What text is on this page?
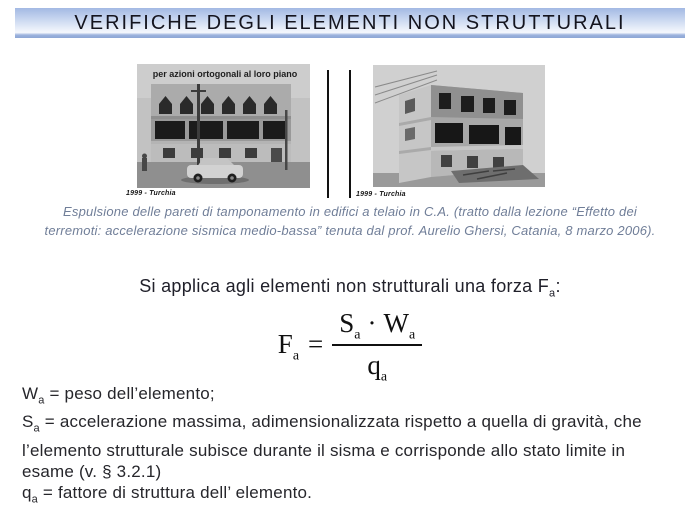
VERIFICHE DEGLI ELEMENTI NON STRUTTURALI
per azioni ortogonali al loro piano
1999 - Turchia	1999 - Turchia

Espulsione delle pareti di tamponamento in edifici a telaio in C.A. (tratto dalla lezione “Effetto dei terremoti: accelerazione sismica medio-bassa” tenuta dal prof. Aurelio Ghersi, Catania, 8 marzo 2006).

Si applica agli elementi non strutturali una forza $F_a$:

$F_a = \frac{S_a \cdot W_a}{q_a}$

$W_a$ = peso dell’elemento;

$S_a$ = accelerazione massima, adimensionalizzata rispetto a quella di gravità, che l’elemento strutturale subisce durante il sisma e corrisponde allo stato limite in esame (v. § 3.2.1)

$q_a$ = fattore di struttura dell’ elemento.
